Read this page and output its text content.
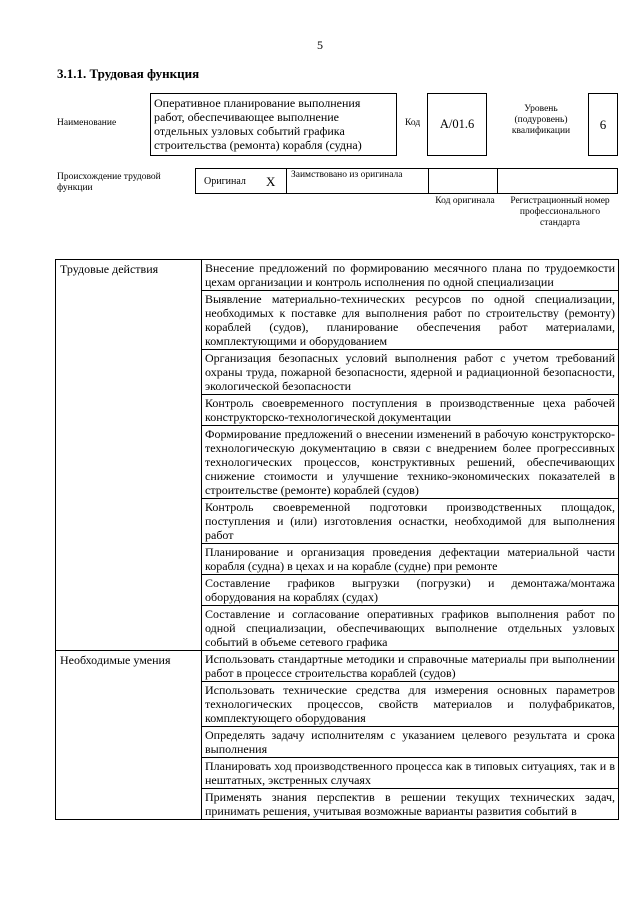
5
3.1.1. Трудовая функция
Наименование
Оперативное планирование выполнения работ, обеспечивающее выполнение отдельных узловых событий графика строительства (ремонта) корабля (судна)
Код	А/01.6
Уровень (подуровень) квалификации	6
Происхождение трудовой функции
Оригинал Х Заимствовано из оригинала
Код оригинала	Регистрационный номер профессионального стандарта
Трудовые действия	Внесение предложений по формированию месячного плана по трудоемкости цехам организации и контроль исполнения по одной специализации
	Выявление материально-технических ресурсов по одной специализации, необходимых к поставке для выполнения работ по строительству (ремонту) кораблей (судов), планирование обеспечения работ материалами, комплектующими и оборудованием
	Организация безопасных условий выполнения работ с учетом требований охраны труда, пожарной безопасности, ядерной и радиационной безопасности, экологической безопасности
	Контроль своевременного поступления в производственные цеха рабочей конструкторско-технологической документации
	Формирование предложений о внесении изменений в рабочую конструкторско-технологическую документацию в связи с внедрением более прогрессивных технологических процессов, конструктивных решений, обеспечивающих снижение стоимости и улучшение технико-экономических показателей в строительстве (ремонте) кораблей (судов)
	Контроль своевременной подготовки производственных площадок, поступления и (или) изготовления оснастки, необходимой для выполнения работ
	Планирование и организация проведения дефектации материальной части корабля (судна) в цехах и на корабле (судне) при ремонте
	Составление графиков выгрузки (погрузки) и демонтажа/монтажа оборудования на кораблях (судах)
	Составление и согласование оперативных графиков выполнения работ по одной специализации, обеспечивающих выполнение отдельных узловых событий в объеме сетевого графика
Необходимые умения	Использовать стандартные методики и справочные материалы при выполнении работ в процессе строительства кораблей (судов)
	Использовать технические средства для измерения основных параметров технологических процессов, свойств материалов и полуфабрикатов, комплектующего оборудования
	Определять задачу исполнителям с указанием целевого результата и срока выполнения
	Планировать ход производственного процесса как в типовых ситуациях, так и в нештатных, экстренных случаях
	Применять знания перспектив в решении текущих технических задач, принимать решения, учитывая возможные варианты развития событий в
